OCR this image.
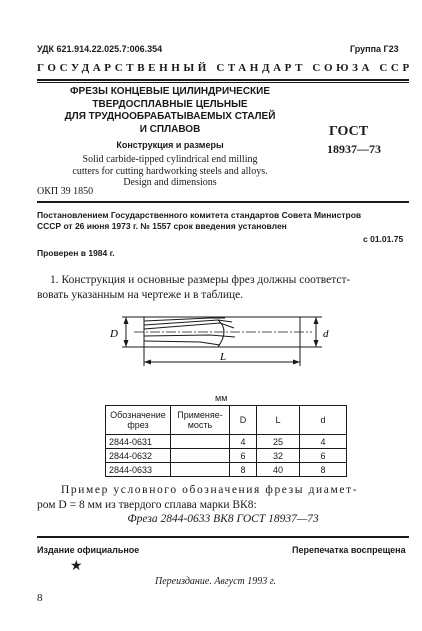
УДК 621.914.22.025.7:006.354	Группа Г23
ГОСУДАРСТВЕННЫЙ СТАНДАРТ СОЮЗА ССР
ФРЕЗЫ КОНЦЕВЫЕ ЦИЛИНДРИЧЕСКИЕ
ТВЕРДОСПЛАВНЫЕ ЦЕЛЬНЫЕ
ДЛЯ ТРУДНООБРАБАТЫВАЕМЫХ СТАЛЕЙ
И СПЛАВОВ
Конструкция и размеры
Solid carbide-tipped cylindrical end milling
cutters for cutting hardworking steels and alloys.
Design and dimensions
ГОСТ
18937—73
ОКП 39 1850
Постановлением Государственного комитета стандартов Совета Министров
СССР от 26 июня 1973 г. № 1557 срок введения установлен
с 01.01.75
Проверен в 1984 г.
1. Конструкция и основные размеры фрез должны соответст-
вовать указанным на чертеже и в таблице.
D	d
L
мм
Обозначение фрез	Применяе-мость	D	L	d
2844-0631		4	25	4
2844-0632		6	32	6
2844-0633		8	40	8
Пример условного обозначения фрезы диамет-
ром D = 8 мм из твердого сплава марки ВК8:
Фреза 2844-0633 ВК8 ГОСТ 18937—73
Издание официальное	Перепечатка воспрещена
★
Переиздание. Август 1993 г.
8
